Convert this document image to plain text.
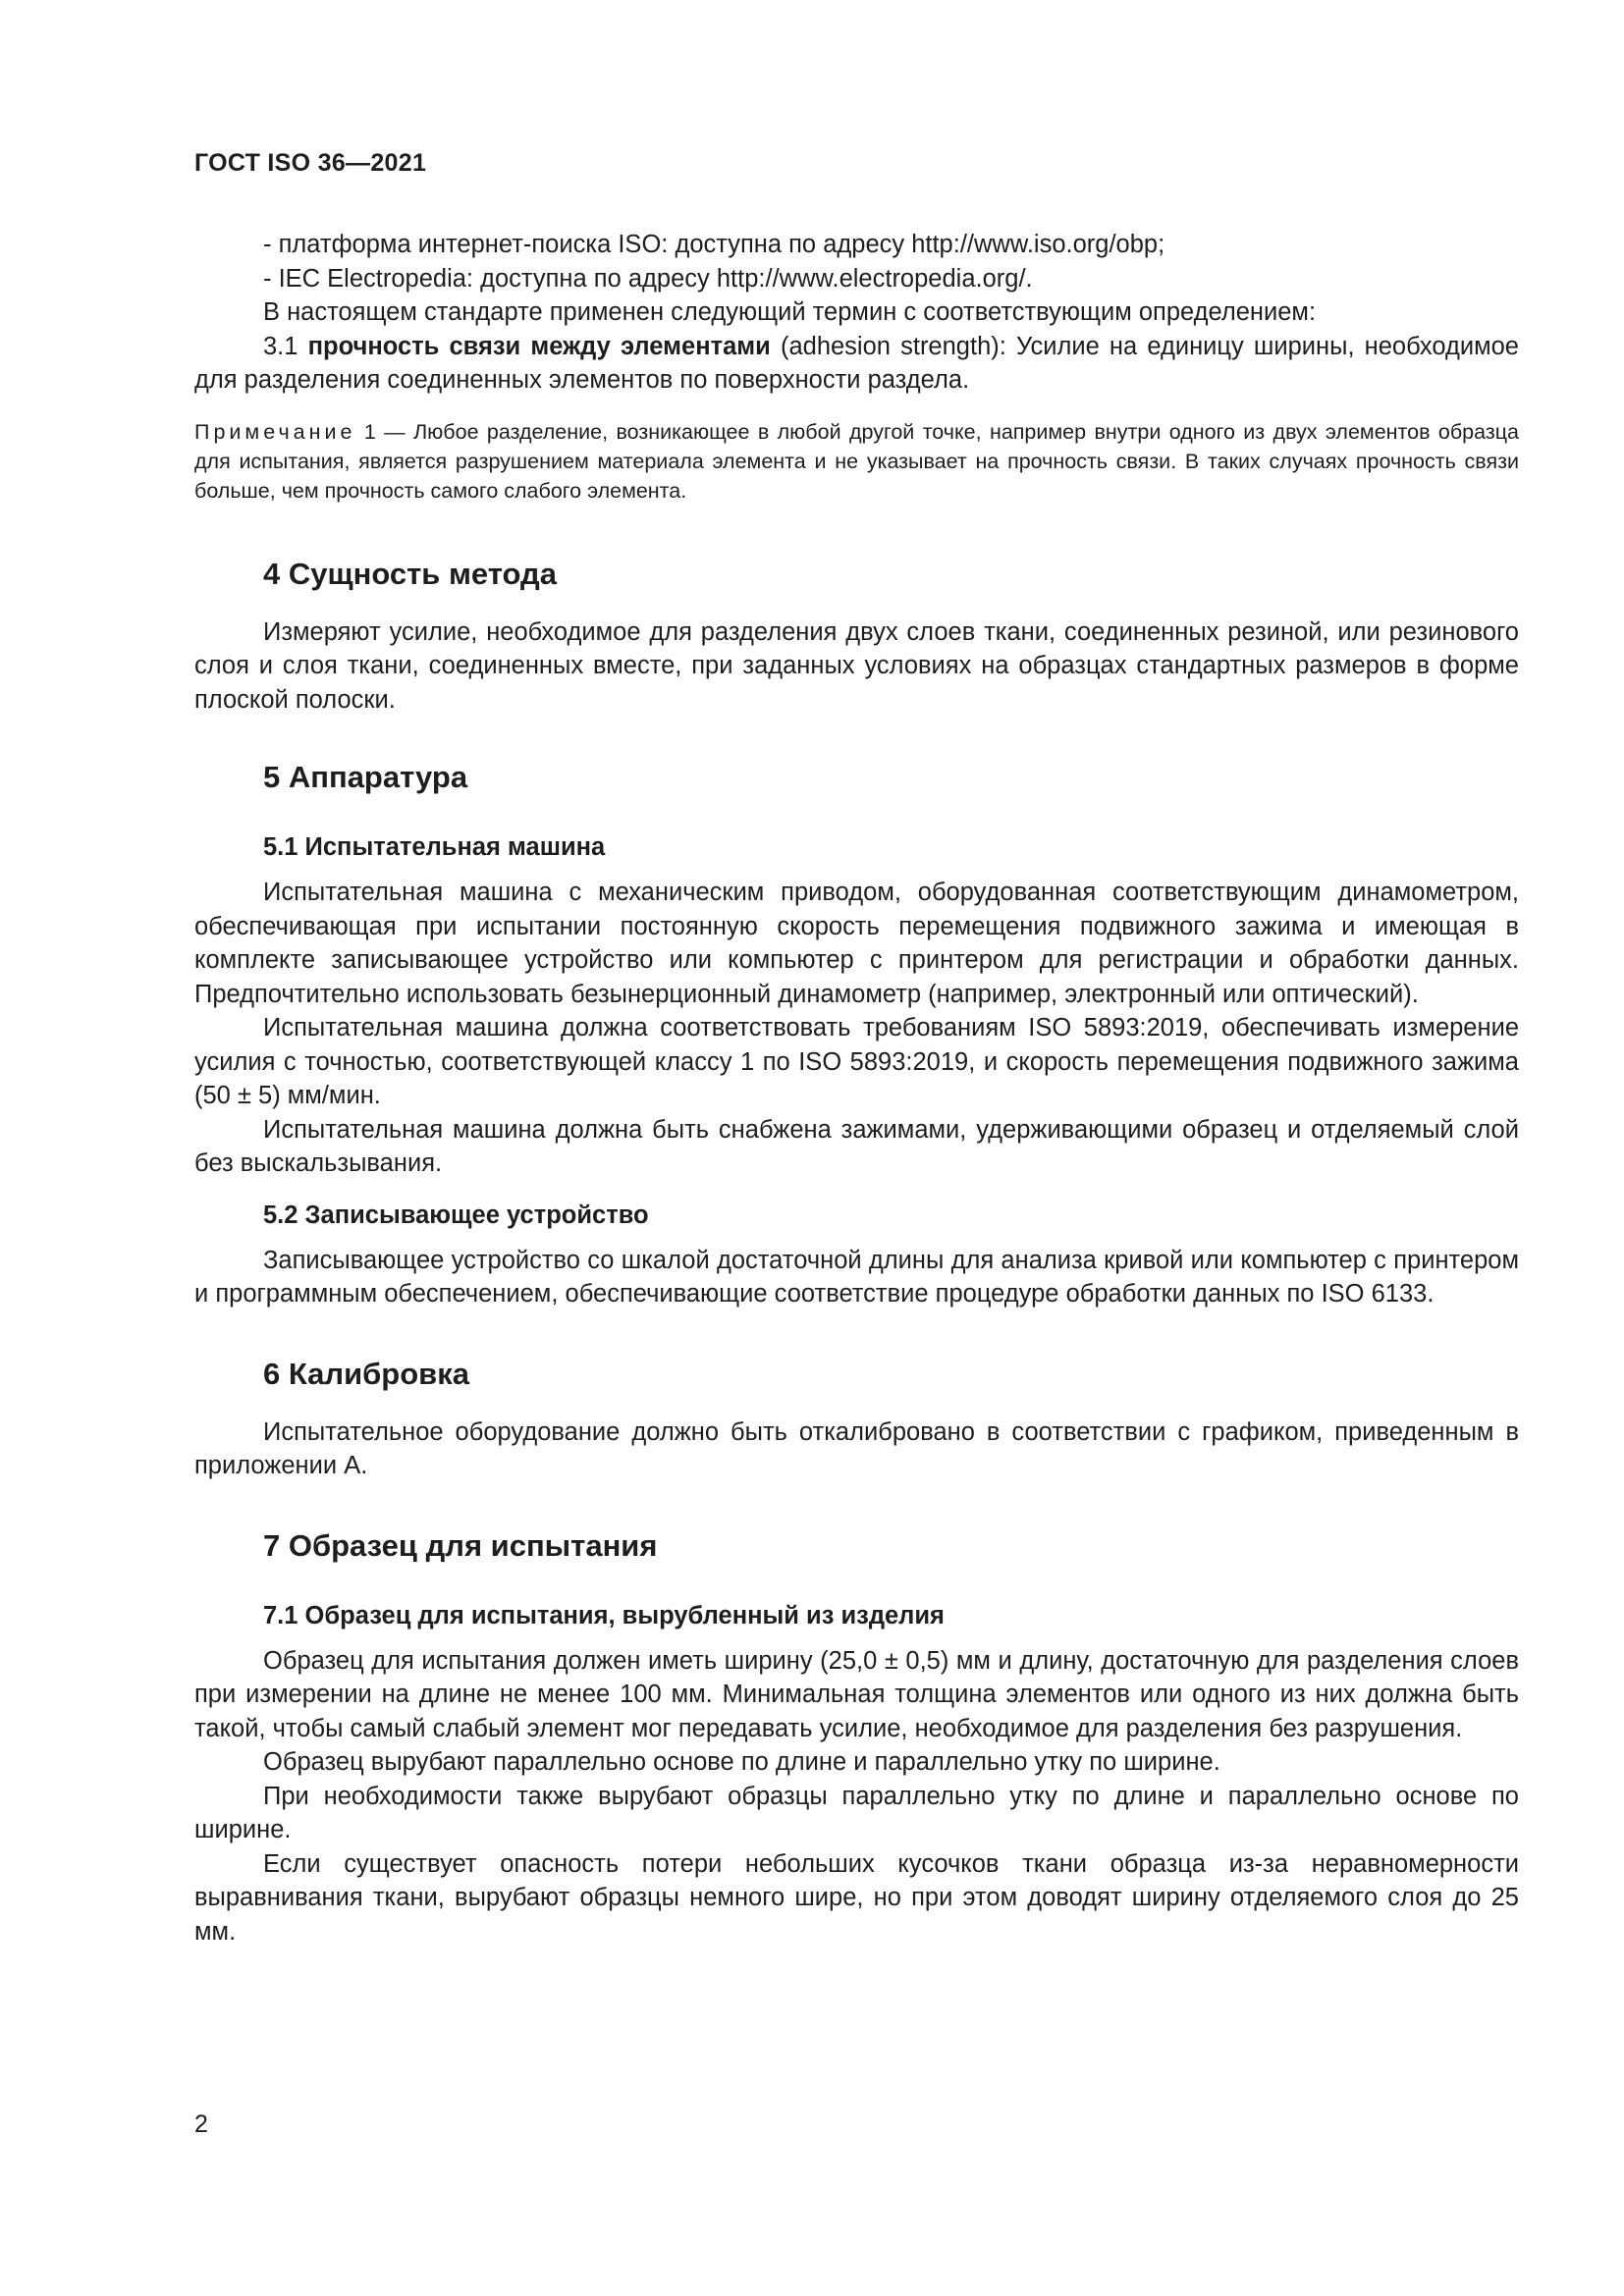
ГОСТ ISO 36—2021

- платформа интернет-поиска ISO: доступна по адресу http://www.iso.org/obp;

- IEC Electropedia: доступна по адресу http://www.electropedia.org/.

В настоящем стандарте применен следующий термин с соответствующим определением:

3.1 прочность связи между элементами (adhesion strength): Усилие на единицу ширины, необходимое для разделения соединенных элементов по поверхности раздела.

Примечание 1 — Любое разделение, возникающее в любой другой точке, например внутри одного из двух элементов образца для испытания, является разрушением материала элемента и не указывает на прочность связи. В таких случаях прочность связи больше, чем прочность самого слабого элемента.
4 Сущность метода

Измеряют усилие, необходимое для разделения двух слоев ткани, соединенных резиной, или резинового слоя и слоя ткани, соединенных вместе, при заданных условиях на образцах стандартных размеров в форме плоской полоски.

5 Аппаратура
5.1 Испытательная машина

Испытательная машина с механическим приводом, оборудованная соответствующим динамометром, обеспечивающая при испытании постоянную скорость перемещения подвижного зажима и имеющая в комплекте записывающее устройство или компьютер с принтером для регистрации и обработки данных. Предпочтительно использовать безынерционный динамометр (например, электронный или оптический).

Испытательная машина должна соответствовать требованиям ISO 5893:2019, обеспечивать измерение усилия с точностью, соответствующей классу 1 по ISO 5893:2019, и скорость перемещения подвижного зажима (50 ± 5) мм/мин.

Испытательная машина должна быть снабжена зажимами, удерживающими образец и отделяемый слой без выскальзывания.

5.2 Записывающее устройство

Записывающее устройство со шкалой достаточной длины для анализа кривой или компьютер с принтером и программным обеспечением, обеспечивающие соответствие процедуре обработки данных по ISO 6133.

6 Калибровка

Испытательное оборудование должно быть откалибровано в соответствии с графиком, приведенным в приложении А.

7 Образец для испытания
7.1 Образец для испытания, вырубленный из изделия

Образец для испытания должен иметь ширину (25,0 ± 0,5) мм и длину, достаточную для разделения слоев при измерении на длине не менее 100 мм. Минимальная толщина элементов или одного из них должна быть такой, чтобы самый слабый элемент мог передавать усилие, необходимое для разделения без разрушения.

Образец вырубают параллельно основе по длине и параллельно утку по ширине.

При необходимости также вырубают образцы параллельно утку по длине и параллельно основе по ширине.

Если существует опасность потери небольших кусочков ткани образца из-за неравномерности выравнивания ткани, вырубают образцы немного шире, но при этом доводят ширину отделяемого слоя до 25 мм.

2
